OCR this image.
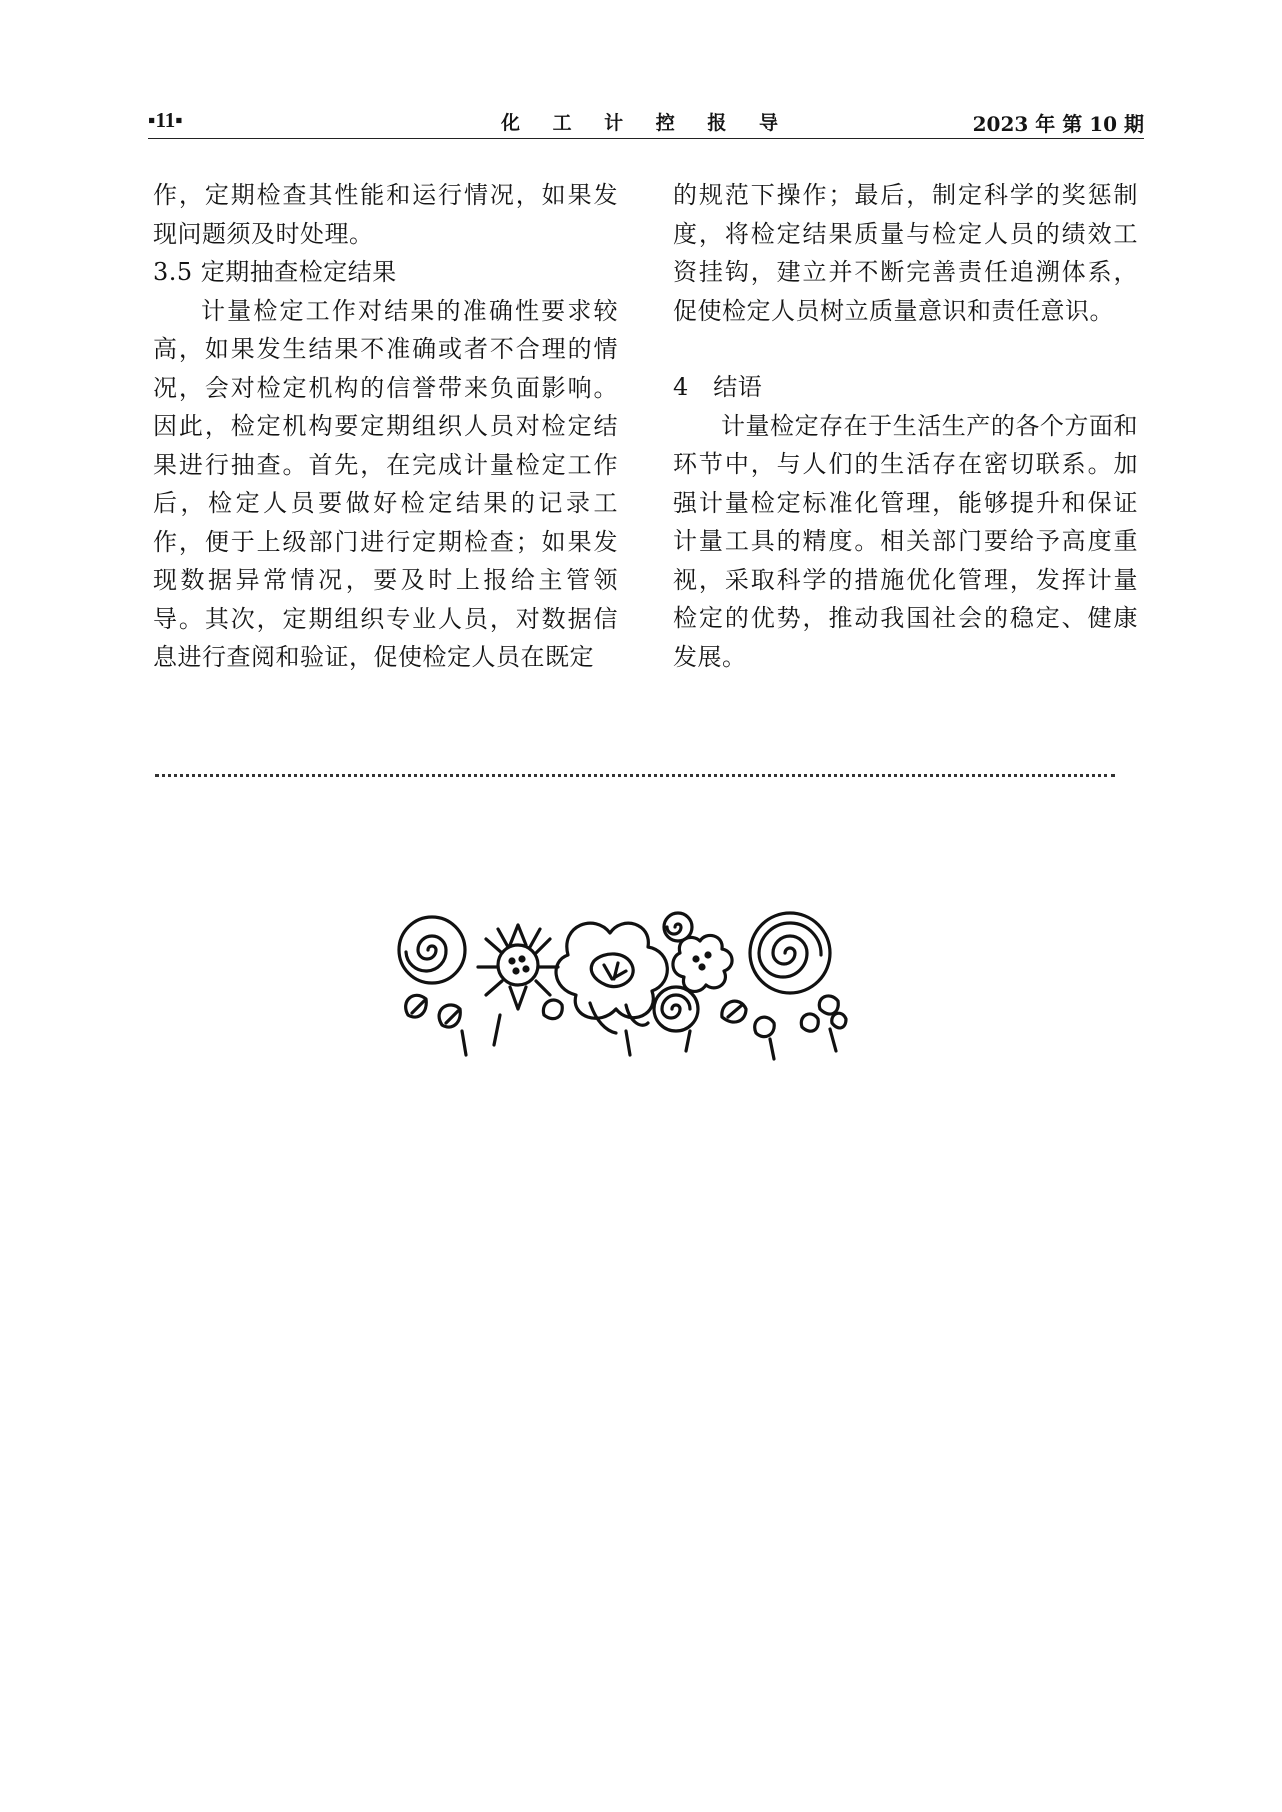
▪11▪	化 工 计 控 报 导	2023 年 第 10 期

作，定期检查其性能和运行情况，如果发现问题须及时处理。

3.5 定期抽查检定结果

计量检定工作对结果的准确性要求较高，如果发生结果不准确或者不合理的情况，会对检定机构的信誉带来负面影响。因此，检定机构要定期组织人员对检定结果进行抽查。首先，在完成计量检定工作后，检定人员要做好检定结果的记录工作，便于上级部门进行定期检查；如果发现数据异常情况，要及时上报给主管领导。其次，定期组织专业人员，对数据信息进行查阅和验证，促使检定人员在既定

的规范下操作；最后，制定科学的奖惩制度，将检定结果质量与检定人员的绩效工资挂钩，建立并不断完善责任追溯体系，促使检定人员树立质量意识和责任意识。

4　结语

计量检定存在于生活生产的各个方面和环节中，与人们的生活存在密切联系。加强计量检定标准化管理，能够提升和保证计量工具的精度。相关部门要给予高度重视，采取科学的措施优化管理，发挥计量检定的优势，推动我国社会的稳定、健康发展。
